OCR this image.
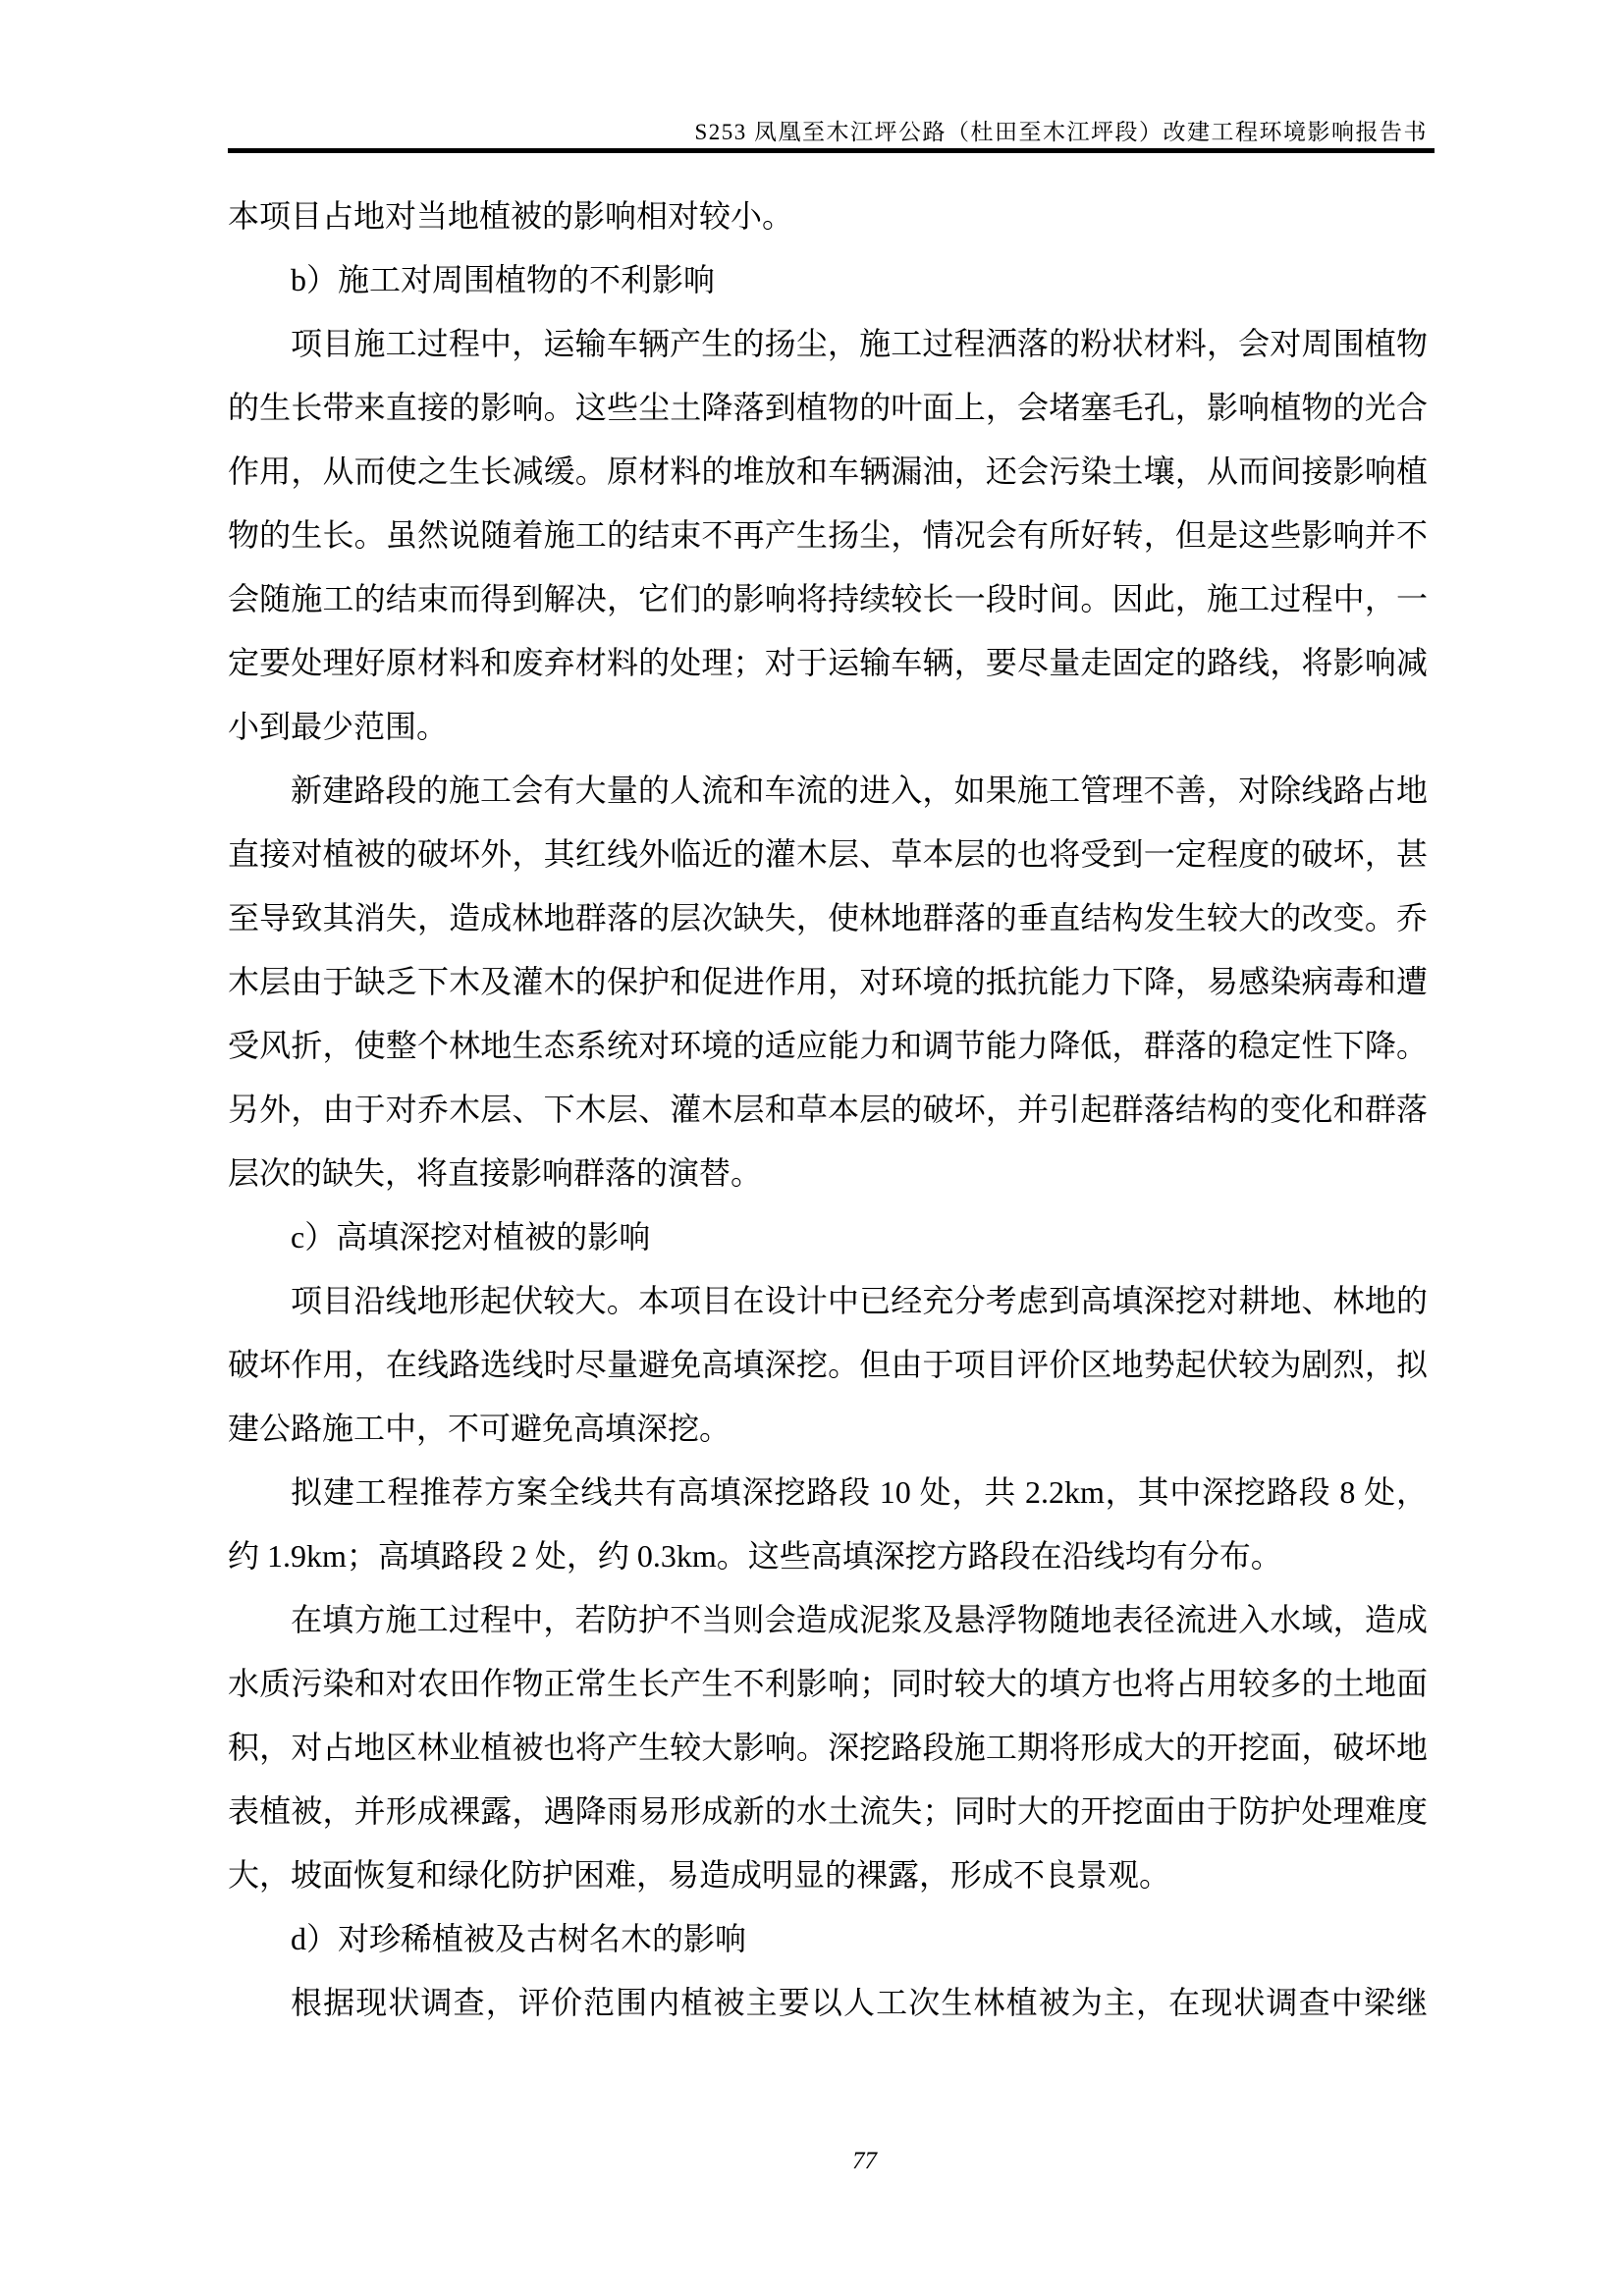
S253 凤凰至木江坪公路（杜田至木江坪段）改建工程环境影响报告书

本项目占地对当地植被的影响相对较小。

b）施工对周围植物的不利影响

项目施工过程中，运输车辆产生的扬尘，施工过程洒落的粉状材料，会对周围植物的生长带来直接的影响。这些尘土降落到植物的叶面上，会堵塞毛孔，影响植物的光合作用，从而使之生长减缓。原材料的堆放和车辆漏油，还会污染土壤，从而间接影响植物的生长。虽然说随着施工的结束不再产生扬尘，情况会有所好转，但是这些影响并不会随施工的结束而得到解决，它们的影响将持续较长一段时间。因此，施工过程中，一定要处理好原材料和废弃材料的处理；对于运输车辆，要尽量走固定的路线，将影响减小到最少范围。

新建路段的施工会有大量的人流和车流的进入，如果施工管理不善，对除线路占地直接对植被的破坏外，其红线外临近的灌木层、草本层的也将受到一定程度的破坏，甚至导致其消失，造成林地群落的层次缺失，使林地群落的垂直结构发生较大的改变。乔木层由于缺乏下木及灌木的保护和促进作用，对环境的抵抗能力下降，易感染病毒和遭受风折，使整个林地生态系统对环境的适应能力和调节能力降低，群落的稳定性下降。另外，由于对乔木层、下木层、灌木层和草本层的破坏，并引起群落结构的变化和群落层次的缺失，将直接影响群落的演替。

c）高填深挖对植被的影响

项目沿线地形起伏较大。本项目在设计中已经充分考虑到高填深挖对耕地、林地的破坏作用，在线路选线时尽量避免高填深挖。但由于项目评价区地势起伏较为剧烈，拟建公路施工中，不可避免高填深挖。

拟建工程推荐方案全线共有高填深挖路段 10 处，共 2.2km，其中深挖路段 8 处，约 1.9km；高填路段 2 处，约 0.3km。这些高填深挖方路段在沿线均有分布。

在填方施工过程中，若防护不当则会造成泥浆及悬浮物随地表径流进入水域，造成水质污染和对农田作物正常生长产生不利影响；同时较大的填方也将占用较多的土地面积，对占地区林业植被也将产生较大影响。深挖路段施工期将形成大的开挖面，破坏地表植被，并形成裸露，遇降雨易形成新的水土流失；同时大的开挖面由于防护处理难度大，坡面恢复和绿化防护困难，易造成明显的裸露，形成不良景观。

d）对珍稀植被及古树名木的影响

根据现状调查，评价范围内植被主要以人工次生林植被为主，在现状调查中梁继

77
